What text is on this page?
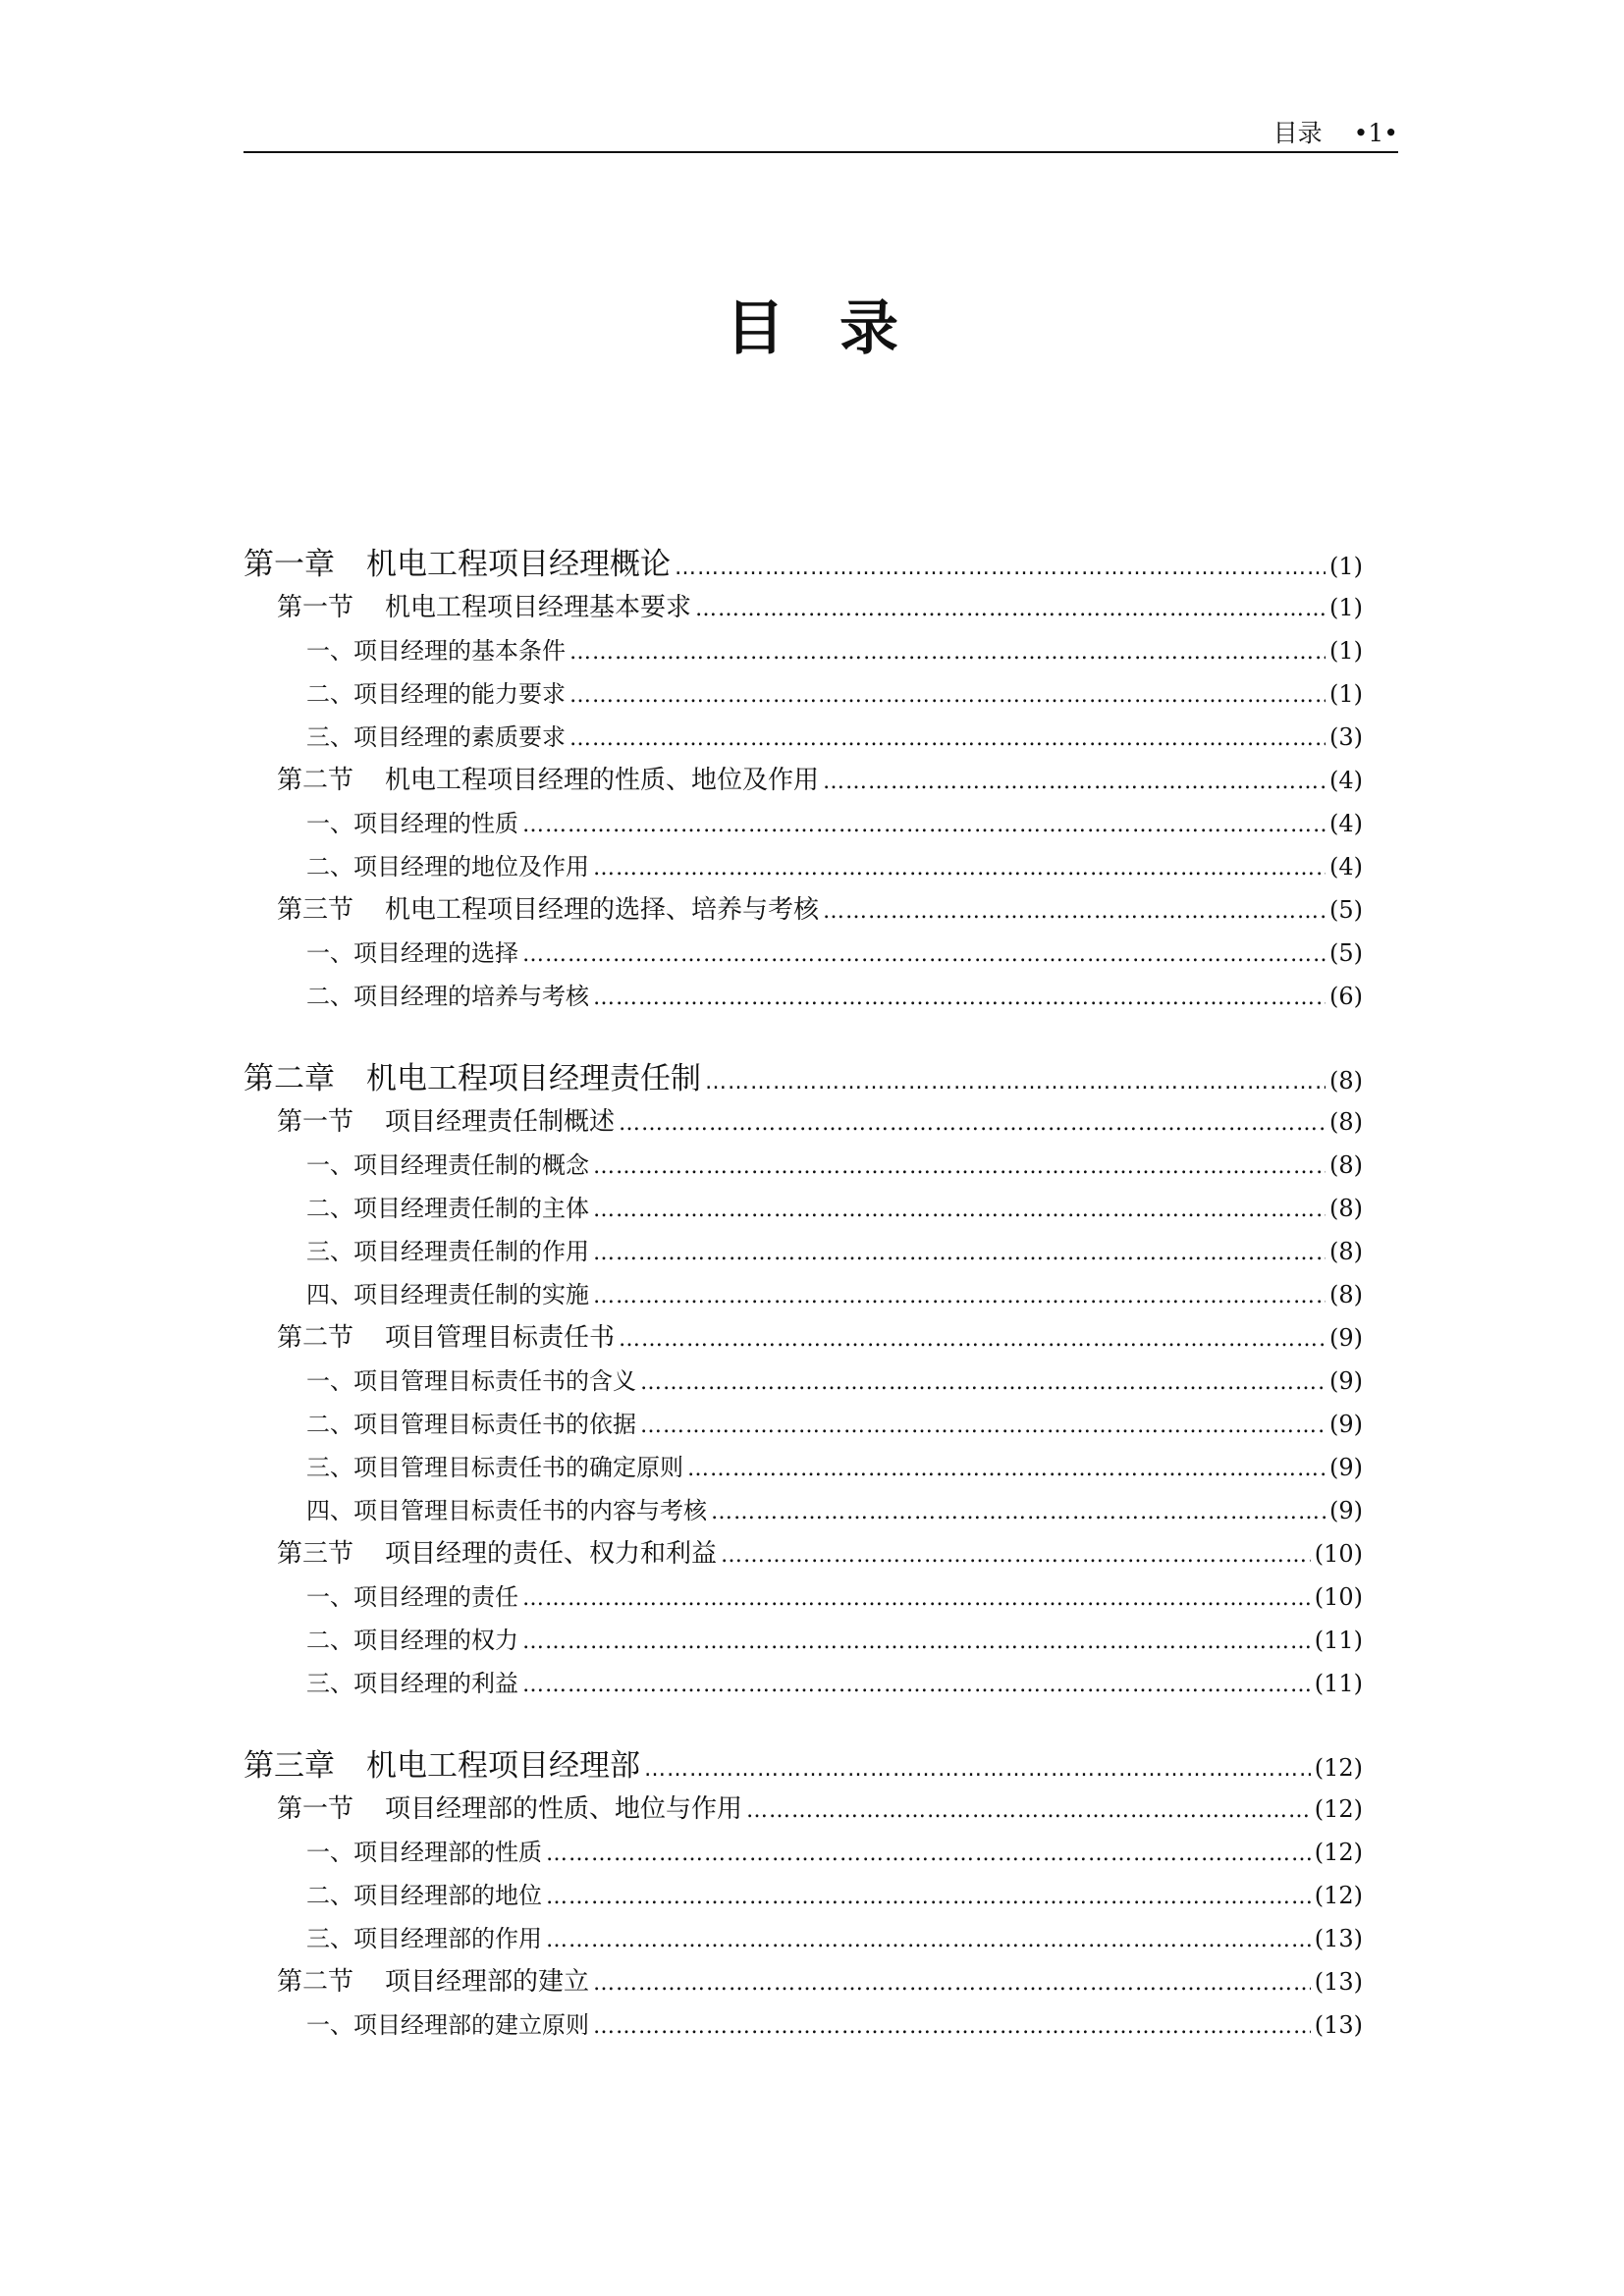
目录 •1•
目录
第一章 机电工程项目经理概论 ……………………………………………………………………………………………………………………………………………………………………………………………………………………………………	(1)
第一节 机电工程项目经理基本要求 ……………………………………………………………………………………………………………………………………………………………………………………………………………………………………	(1)
一、项目经理的基本条件 ……………………………………………………………………………………………………………………………………………………………………………………………………………………………………	(1)
二、项目经理的能力要求 ……………………………………………………………………………………………………………………………………………………………………………………………………………………………………	(1)
三、项目经理的素质要求 ……………………………………………………………………………………………………………………………………………………………………………………………………………………………………	(3)
第二节 机电工程项目经理的性质、地位及作用 ……………………………………………………………………………………………………………………………………………………………………………………………………………………………………	(4)
一、项目经理的性质 ……………………………………………………………………………………………………………………………………………………………………………………………………………………………………	(4)
二、项目经理的地位及作用 ……………………………………………………………………………………………………………………………………………………………………………………………………………………………………	(4)
第三节 机电工程项目经理的选择、培养与考核 ……………………………………………………………………………………………………………………………………………………………………………………………………………………………………	(5)
一、项目经理的选择 ……………………………………………………………………………………………………………………………………………………………………………………………………………………………………	(5)
二、项目经理的培养与考核 ……………………………………………………………………………………………………………………………………………………………………………………………………………………………………	(6)
第二章 机电工程项目经理责任制 ……………………………………………………………………………………………………………………………………………………………………………………………………………………………………	(8)
第一节 项目经理责任制概述 ……………………………………………………………………………………………………………………………………………………………………………………………………………………………………	(8)
一、项目经理责任制的概念 ……………………………………………………………………………………………………………………………………………………………………………………………………………………………………	(8)
二、项目经理责任制的主体 ……………………………………………………………………………………………………………………………………………………………………………………………………………………………………	(8)
三、项目经理责任制的作用 ……………………………………………………………………………………………………………………………………………………………………………………………………………………………………	(8)
四、项目经理责任制的实施 ……………………………………………………………………………………………………………………………………………………………………………………………………………………………………	(8)
第二节 项目管理目标责任书 ……………………………………………………………………………………………………………………………………………………………………………………………………………………………………	(9)
一、项目管理目标责任书的含义 ……………………………………………………………………………………………………………………………………………………………………………………………………………………………………	(9)
二、项目管理目标责任书的依据 ……………………………………………………………………………………………………………………………………………………………………………………………………………………………………	(9)
三、项目管理目标责任书的确定原则 ……………………………………………………………………………………………………………………………………………………………………………………………………………………………………	(9)
四、项目管理目标责任书的内容与考核 ……………………………………………………………………………………………………………………………………………………………………………………………………………………………………	(9)
第三节 项目经理的责任、权力和利益 ……………………………………………………………………………………………………………………………………………………………………………………………………………………………………	(10)
一、项目经理的责任 ……………………………………………………………………………………………………………………………………………………………………………………………………………………………………	(10)
二、项目经理的权力 ……………………………………………………………………………………………………………………………………………………………………………………………………………………………………	(11)
三、项目经理的利益 ……………………………………………………………………………………………………………………………………………………………………………………………………………………………………	(11)
第三章 机电工程项目经理部 ……………………………………………………………………………………………………………………………………………………………………………………………………………………………………	(12)
第一节 项目经理部的性质、地位与作用 ……………………………………………………………………………………………………………………………………………………………………………………………………………………………………	(12)
一、项目经理部的性质 ……………………………………………………………………………………………………………………………………………………………………………………………………………………………………	(12)
二、项目经理部的地位 ……………………………………………………………………………………………………………………………………………………………………………………………………………………………………	(12)
三、项目经理部的作用 ……………………………………………………………………………………………………………………………………………………………………………………………………………………………………	(13)
第二节 项目经理部的建立 ……………………………………………………………………………………………………………………………………………………………………………………………………………………………………	(13)
一、项目经理部的建立原则 ……………………………………………………………………………………………………………………………………………………………………………………………………………………………………	(13)
